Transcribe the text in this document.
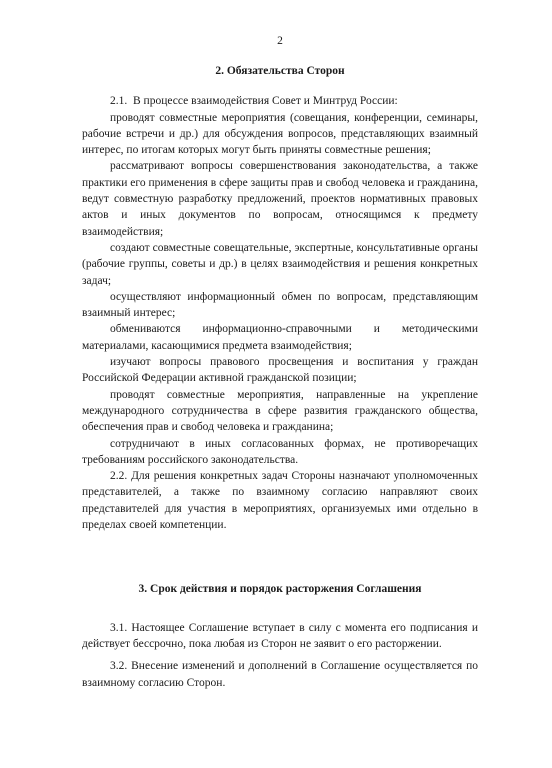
2
2. Обязательства Сторон

2.1.  В процессе взаимодействия Совет и Минтруд России:

проводят совместные мероприятия (совещания, конференции, семинары, рабочие встречи и др.) для обсуждения вопросов, представляющих взаимный интерес, по итогам которых могут быть приняты совместные решения;

рассматривают вопросы совершенствования законодательства, а также практики его применения в сфере защиты прав и свобод человека и гражданина, ведут совместную разработку предложений, проектов нормативных правовых актов и иных документов по вопросам, относящимся к предмету взаимодействия;

создают совместные совещательные, экспертные, консультативные органы (рабочие группы, советы и др.) в целях взаимодействия и решения конкретных задач;

осуществляют информационный обмен по вопросам, представляющим взаимный интерес;

обмениваются информационно-справочными и методическими материалами, касающимися предмета взаимодействия;

изучают вопросы правового просвещения и воспитания у граждан Российской Федерации активной гражданской позиции;

проводят совместные мероприятия, направленные на укрепление международного сотрудничества в сфере развития гражданского общества, обеспечения прав и свобод человека и гражданина;

сотрудничают в иных согласованных формах, не противоречащих требованиям российского законодательства.

2.2. Для решения конкретных задач Стороны назначают уполномоченных представителей, а также по взаимному согласию направляют своих представителей для участия в мероприятиях, организуемых ими отдельно в пределах своей компетенции.

3. Срок действия и порядок расторжения Соглашения

3.1. Настоящее Соглашение вступает в силу с момента его подписания и действует бессрочно, пока любая из Сторон не заявит о его расторжении.

3.2. Внесение изменений и дополнений в Соглашение осуществляется по взаимному согласию Сторон.
